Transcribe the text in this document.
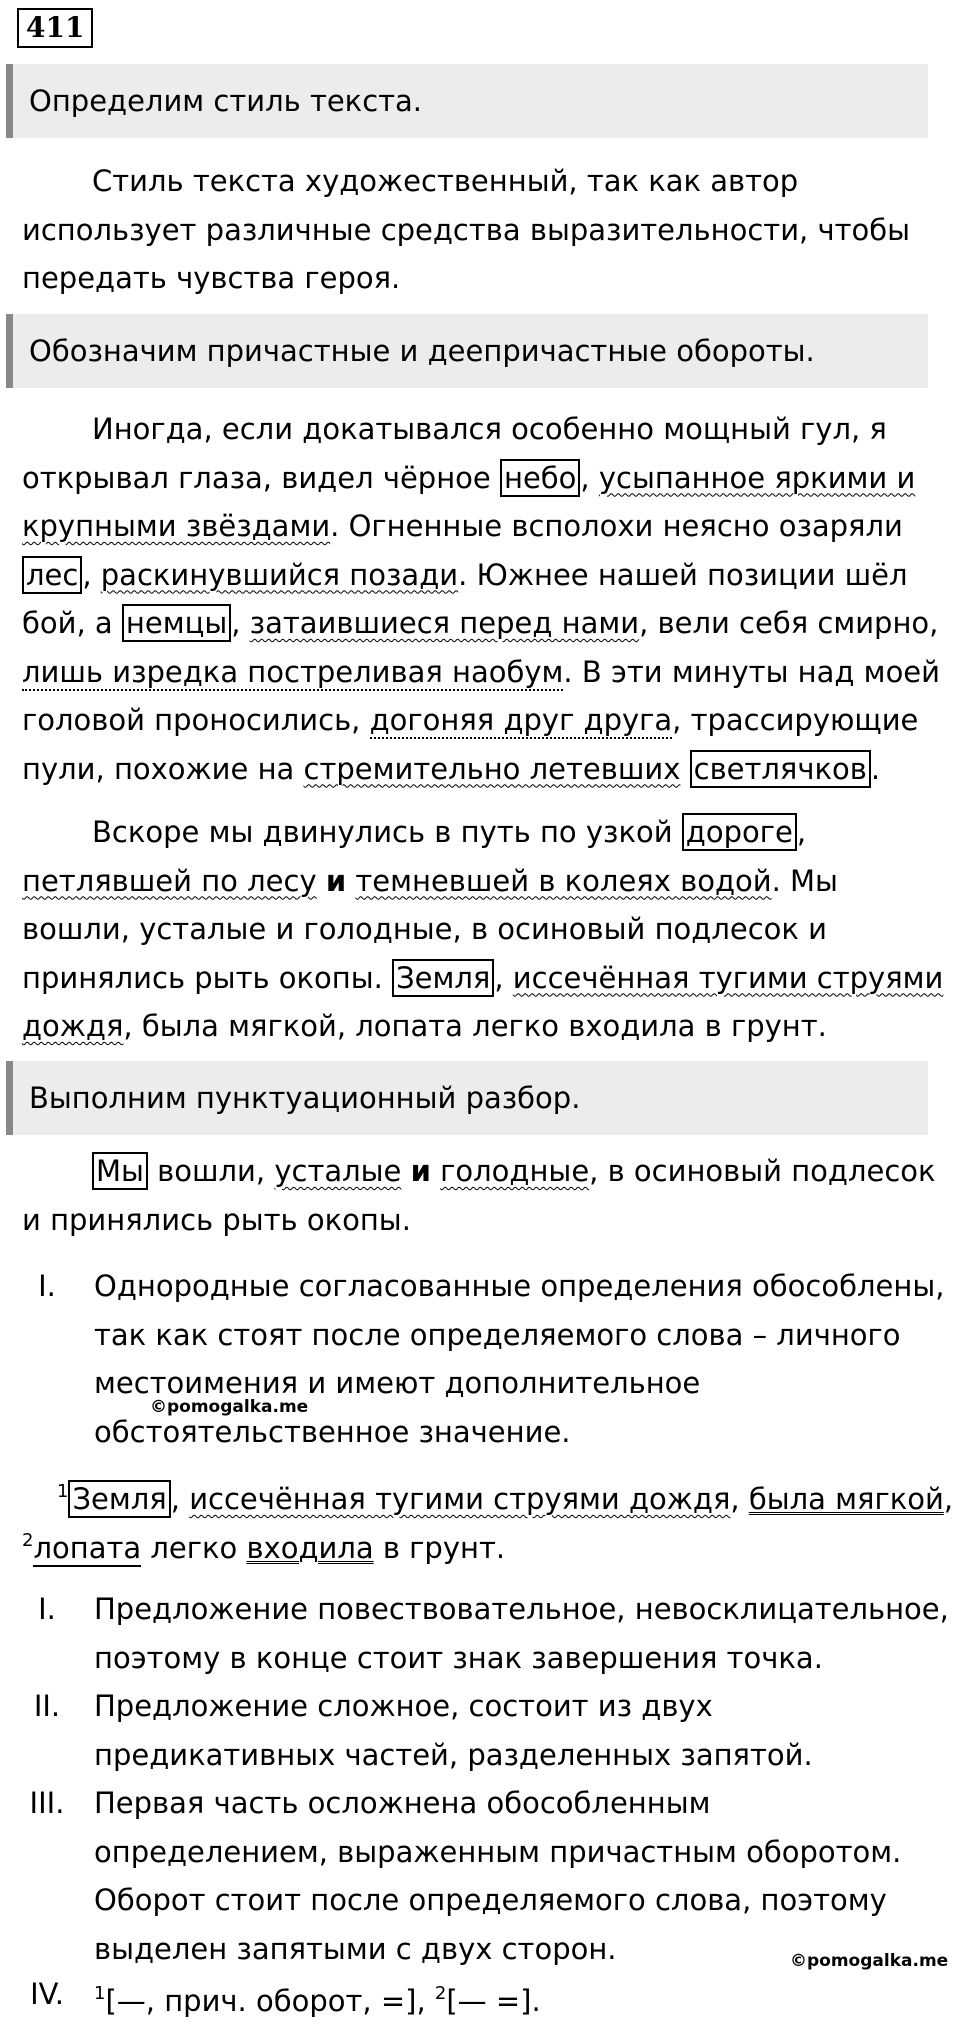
411
Определим стиль текста.

Стиль текста художественный, так как автор использует различные средства выразительности, чтобы передать чувства героя.

Обозначим причастные и деепричастные обороты.

Иногда, если докатывался особенно мощный гул, я открывал глаза, видел чёрное небо , усыпанное яркими и крупными звёздами. Огненные всполохи неясно озаряли лес , раскинувшийся позади. Южнее нашей позиции шёл бой, а немцы , затаившиеся перед нами, вели себя смирно, лишь изредка постреливая наобум. В эти минуты над моей головой проносились, догоняя друг друга, трассирующие пули, похожие на стремительно летевших светлячков .

Вскоре мы двинулись в путь по узкой дороге , петлявшей по лесу и темневшей в колеях водой. Мы вошли, усталые и голодные, в осиновый подлесок и принялись рыть окопы. Земля , иссечённая тугими струями дождя, была мягкой, лопата легко входила в грунт.

Выполним пунктуационный разбор.

Мы вошли, усталые и голодные, в осиновый подлесок и принялись рыть окопы.

I.	Однородные согласованные определения обособлены, так как стоят после определяемого слова – личного местоимения и имеют дополнительное обстоятельственное значение.
©pomogalka.me

$^1$ Земля , иссечённая тугими струями дождя, была мягкой,

$^2$лопата легко входила в грунт.

I.	Предложение повествовательное, невосклицательное, поэтому в конце стоит знак завершения точка.
II.	Предложение сложное, состоит из двух предикативных частей, разделенных запятой.
III. Первая часть осложнена обособленным определением, выраженным причастным оборотом. Оборот стоит после определяемого слова, поэтому выделен запятыми с двух сторон.	©pomogalka.me
IV.	$^1$[—, прич. оборот, =], $^2$[— =].
